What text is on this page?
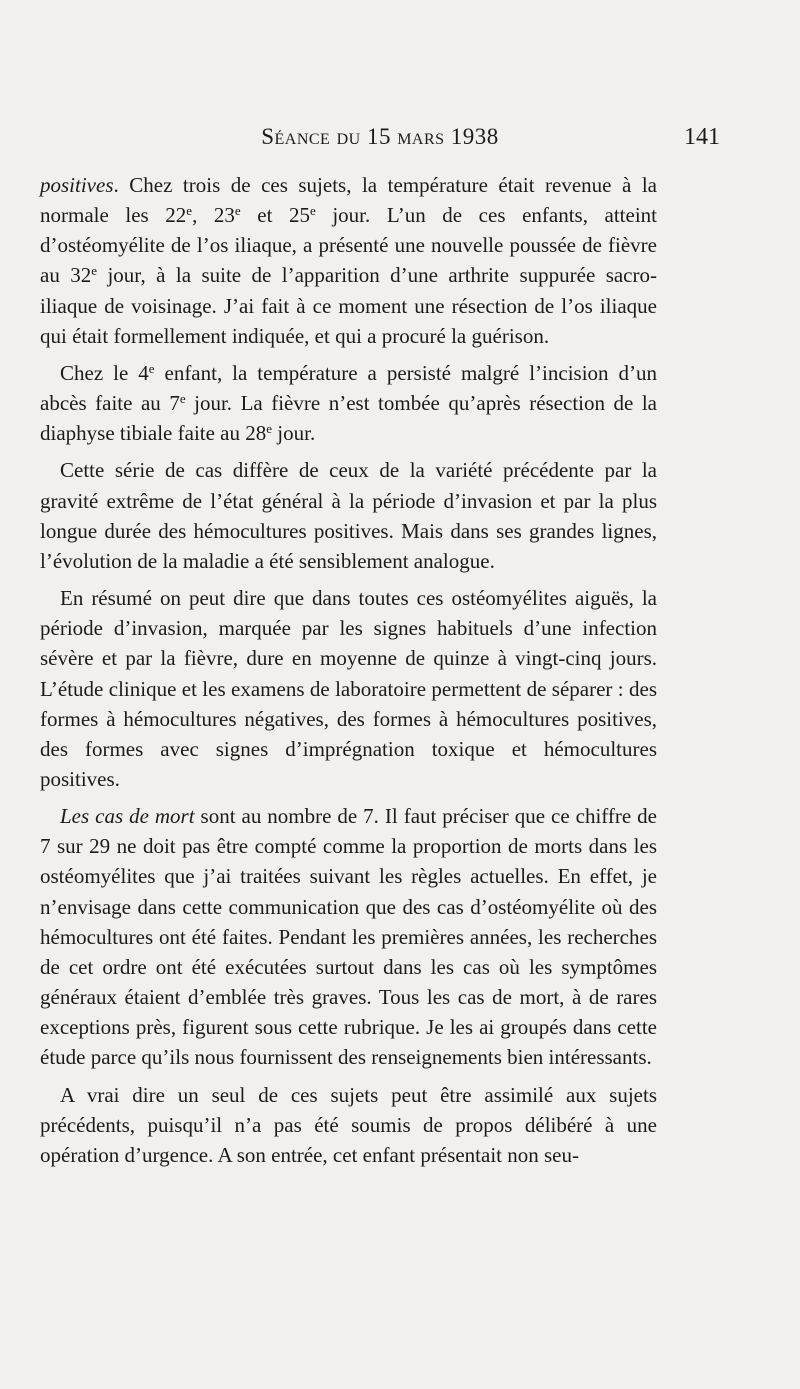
Séance du 15 mars 1938	141

positives. Chez trois de ces sujets, la température était revenue à la normale les 22e, 23e et 25e jour. L’un de ces enfants, atteint d’ostéomyélite de l’os iliaque, a présenté une nouvelle poussée de fièvre au 32e jour, à la suite de l’apparition d’une arthrite suppurée sacro-iliaque de voisinage. J’ai fait à ce moment une résection de l’os iliaque qui était formellement indiquée, et qui a procuré la guérison.

Chez le 4e enfant, la température a persisté malgré l’incision d’un abcès faite au 7e jour. La fièvre n’est tombée qu’après résection de la diaphyse tibiale faite au 28e jour.

Cette série de cas diffère de ceux de la variété précédente par la gravité extrême de l’état général à la période d’invasion et par la plus longue durée des hémocultures positives. Mais dans ses grandes lignes, l’évolution de la maladie a été sensiblement analogue.

En résumé on peut dire que dans toutes ces ostéomyélites aiguës, la période d’invasion, marquée par les signes habituels d’une infection sévère et par la fièvre, dure en moyenne de quinze à vingt-cinq jours. L’étude clinique et les examens de laboratoire permettent de séparer : des formes à hémocultures négatives, des formes à hémocultures positives, des formes avec signes d’imprégnation toxique et hémocultures positives.

Les cas de mort sont au nombre de 7. Il faut préciser que ce chiffre de 7 sur 29 ne doit pas être compté comme la proportion de morts dans les ostéomyélites que j’ai traitées suivant les règles actuelles. En effet, je n’envisage dans cette communication que des cas d’ostéomyélite où des hémocultures ont été faites. Pendant les premières années, les recherches de cet ordre ont été exécutées surtout dans les cas où les symptômes généraux étaient d’emblée très graves. Tous les cas de mort, à de rares exceptions près, figurent sous cette rubrique. Je les ai groupés dans cette étude parce qu’ils nous fournissent des renseignements bien intéressants.

A vrai dire un seul de ces sujets peut être assimilé aux sujets précédents, puisqu’il n’a pas été soumis de propos délibéré à une opération d’urgence. A son entrée, cet enfant présentait non seu-
